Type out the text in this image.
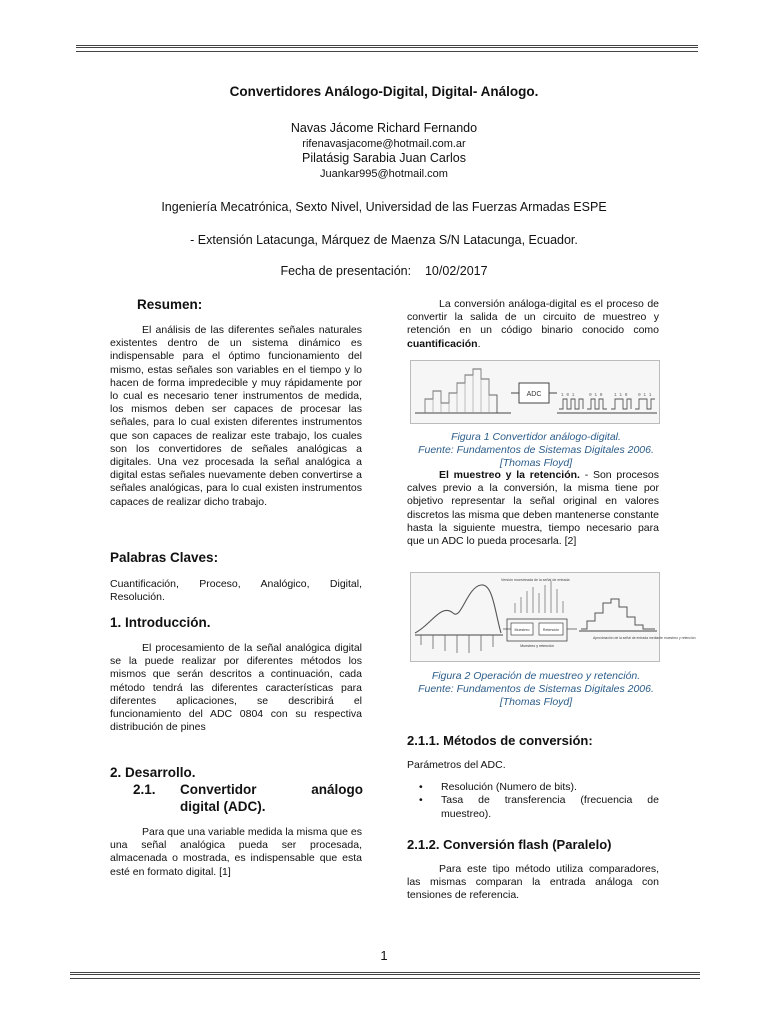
Convertidores Análogo-Digital, Digital- Análogo.
Navas Jácome Richard Fernando
rifenavasjacome@hotmail.com.ar
Pilatásig Sarabia Juan Carlos
Juankar995@hotmail.com
Ingeniería Mecatrónica, Sexto Nivel, Universidad de las Fuerzas Armadas ESPE
- Extensión Latacunga, Márquez de Maenza S/N Latacunga, Ecuador.
Fecha de presentación: 10/02/2017
Resumen:

El análisis de las diferentes señales naturales existentes dentro de un sistema dinámico es indispensable para el óptimo funcionamiento del mismo, estas señales son variables en el tiempo y lo hacen de forma impredecible y muy rápidamente por lo cual es necesario tener instrumentos de medida, los mismos deben ser capaces de procesar las señales, para lo cual existen diferentes instrumentos que son capaces de realizar este trabajo, los cuales son los convertidores de señales analógicas a digitales. Una vez procesada la señal analógica a digital estas señales nuevamente deben convertirse a señales analógicas, para lo cual existen instrumentos capaces de realizar dicho trabajo.

Palabras Claves:

Cuantificación, Proceso, Analógico, Digital, Resolución.

1. Introducción.

El procesamiento de la señal analógica digital se la puede realizar por diferentes métodos los mismos que serán descritos a continuación, cada método tendrá las diferentes características para diferentes aplicaciones, se describirá el funcionamiento del ADC 0804 con su respectiva distribución de pines

2. Desarrollo.
2.1. Convertidor análogo
digital (ADC).

Para que una variable medida la misma que es una señal analógica pueda ser procesada, almacenada o mostrada, es indispensable que esta esté en formato digital. [1]

La conversión análoga-digital es el proceso de convertir la salida de un circuito de muestreo y retención en un código binario conocido como cuantificación.

ADC	1 0 1	0 1 0	1 1 0 0 1 1
Figura 1 Convertidor análogo-digital.
Fuente: Fundamentos de Sistemas Digitales 2006. [Thomas Floyd]

El muestreo y la retención. - Son procesos calves previo a la conversión, la misma tiene por objetivo representar la señal original en valores discretos las misma que deben mantenerse constante hasta la siguiente muestra, tiempo necesario para que un ADC lo pueda procesarla. [2]

Versión muestreada de la señal de entrada
Muestreo	Retención
Muestreo y retención
Aproximación de la señal de entrada mediante muestreo y retención
Figura 2 Operación de muestreo y retención.
Fuente: Fundamentos de Sistemas Digitales 2006. [Thomas Floyd]
2.1.1. Métodos de conversión:

Parámetros del ADC.

• Resolución (Numero de bits).
• Tasa de transferencia (frecuencia de muestreo).
2.1.2. Conversión flash (Paralelo)

Para este tipo método utiliza comparadores, las mismas comparan la entrada análoga con tensiones de referencia.

1
